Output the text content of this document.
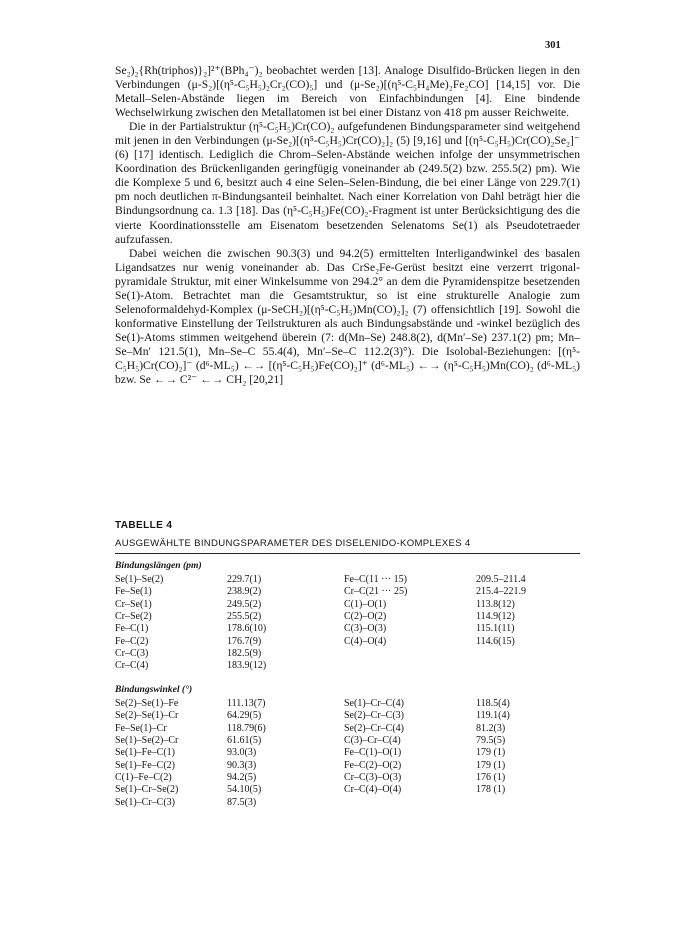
301

Se₂)₂{Rh(triphos)}₂]²⁺(BPh₄⁻)₂ beobachtet werden [13]. Analoge Disulfido-Brücken liegen in den Verbindungen (μ-S₂)[(η⁵-C₅H₅)₂Cr₂(CO)₅] und (μ-Se₂)[(η⁵-C₅H₄Me)₂Fe₂CO] [14,15] vor. Die Metall–Selen-Abstände liegen im Bereich von Einfachbindungen [4]. Eine bindende Wechselwirkung zwischen den Metallatomen ist bei einer Distanz von 418 pm ausser Reichweite.

Die in der Partialstruktur (η⁵-C₅H₅)Cr(CO)₂ aufgefundenen Bindungsparameter sind weitgehend mit jenen in den Verbindungen (μ-Se₂)[(η⁵-C₅H₅)Cr(CO)₂]₂ (5) [9,16] und [(η⁵-C₅H₅)Cr(CO)₂Se₂]⁻ (6) [17] identisch. Lediglich die Chrom–Selen-Abstände weichen infolge der unsymmetrischen Koordination des Brückenliganden geringfügig voneinander ab (249.5(2) bzw. 255.5(2) pm). Wie die Komplexe 5 und 6, besitzt auch 4 eine Selen–Selen-Bindung, die bei einer Länge von 229.7(1) pm noch deutlichen π-Bindungsanteil beinhaltet. Nach einer Korrelation von Dahl beträgt hier die Bindungsordnung ca. 1.3 [18]. Das (η⁵-C₅H₅)Fe(CO)₂-Fragment ist unter Berücksichtigung des die vierte Koordinationsstelle am Eisenatom besetzenden Selenatoms Se(1) als Pseudotetraeder aufzufassen.

Dabei weichen die zwischen 90.3(3) und 94.2(5) ermittelten Interligandwinkel des basalen Ligandsatzes nur wenig voneinander ab. Das CrSe₂Fe-Gerüst besitzt eine verzerrt trigonal-pyramidale Struktur, mit einer Winkelsumme von 294.2° an dem die Pyramidenspitze besetzenden Se(1)-Atom. Betrachtet man die Gesamtstruktur, so ist eine strukturelle Analogie zum Selenoformaldehyd-Komplex (μ-SeCH₂)[(η⁵-C₅H₅)Mn(CO)₂]₂ (7) offensichtlich [19]. Sowohl die konformative Einstellung der Teilstrukturen als auch Bindungsabstände und -winkel bezüglich des Se(1)-Atoms stimmen weitgehend überein (7: d(Mn–Se) 248.8(2), d(Mn′–Se) 237.1(2) pm; Mn–Se–Mn′ 121.5(1), Mn–Se–C 55.4(4), Mn′–Se–C 112.2(3)°). Die Isolobal-Beziehungen: [(η⁵-C₅H₅)Cr(CO)₂]⁻ (d⁶-ML₅) ←→ [(η⁵-C₅H₅)Fe(CO)₂]⁺ (d⁶-ML₅) ←→ (η⁵-C₅H₅)Mn(CO)₂ (d⁶-ML₅) bzw. Se ←→ C²⁻ ←→ CH₂ [20,21]

TABELLE 4
AUSGEWÄHLTE BINDUNGSPARAMETER DES DISELENIDO-KOMPLEXES 4
Bindungslängen (pm)
Se(1)–Se(2)	229.7(1)	Fe–C(11 ··· 15)	209.5–211.4
Fe–Se(1)	238.9(2)	Cr–C(21 ··· 25)	215.4–221.9
Cr–Se(1)	249.5(2)	C(1)–O(1)	113.8(12)
Cr–Se(2)	255.5(2)	C(2)–O(2)	114.9(12)
Fe–C(1)	178.6(10)	C(3)–O(3)	115.1(11)
Fe–C(2)	176.7(9)	C(4)–O(4)	114.6(15)
Cr–C(3)	182.5(9)		
Cr–C(4)	183.9(12)		
Bindungswinkel (°)
Se(2)–Se(1)–Fe	111.13(7)	Se(1)–Cr–C(4)	118.5(4)
Se(2)–Se(1)–Cr	64.29(5)	Se(2)–Cr–C(3)	119.1(4)
Fe–Se(1)–Cr	118.79(6)	Se(2)–Cr–C(4)	81.2(3)
Se(1)–Se(2)–Cr	61.61(5)	C(3)–Cr–C(4)	79.5(5)
Se(1)–Fe–C(1)	93.0(3)	Fe–C(1)–O(1)	179 (1)
Se(1)–Fe–C(2)	90.3(3)	Fe–C(2)–O(2)	179 (1)
C(1)–Fe–C(2)	94.2(5)	Cr–C(3)–O(3)	176 (1)
Se(1)–Cr–Se(2)	54.10(5)	Cr–C(4)–O(4)	178 (1)
Se(1)–Cr–C(3)	87.5(3)		
